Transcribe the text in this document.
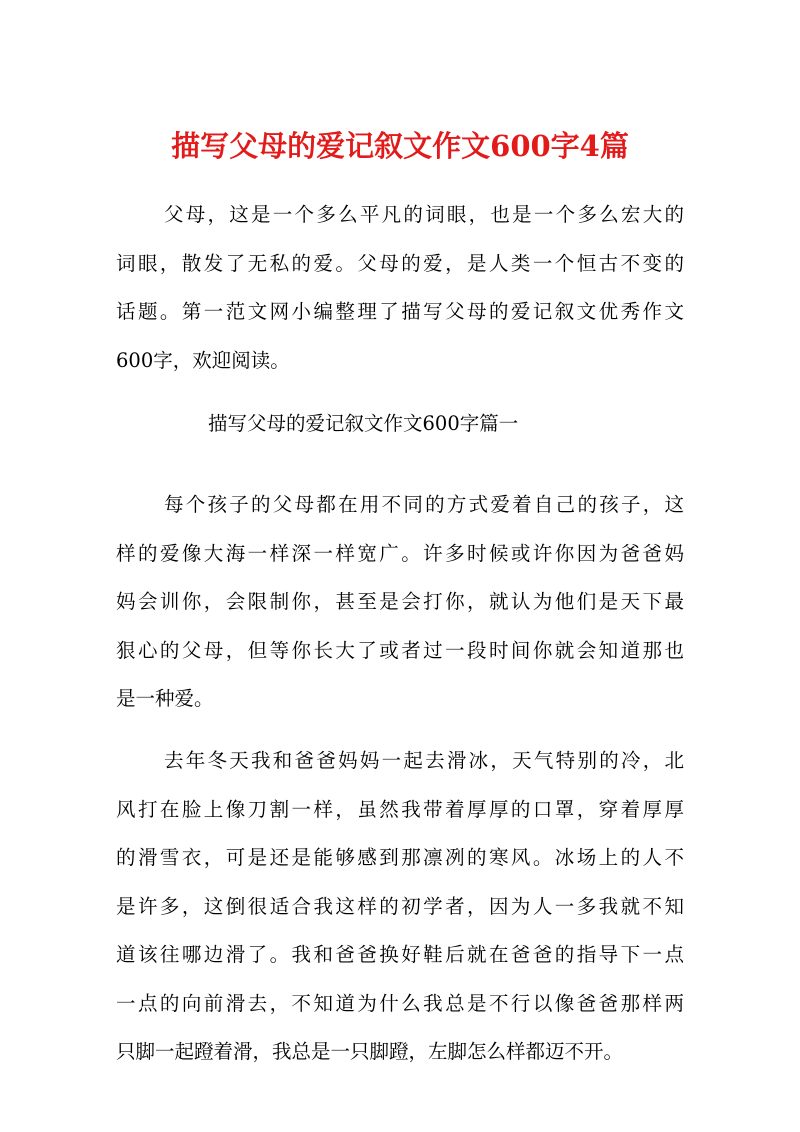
描写父母的爱记叙文作文600字4篇
父母，这是一个多么平凡的词眼，也是一个多么宏大的
词眼，散发了无私的爱。父母的爱，是人类一个恒古不变的
话题。第一范文网小编整理了描写父母的爱记叙文优秀作文
600字，欢迎阅读。
描写父母的爱记叙文作文600字篇一
每个孩子的父母都在用不同的方式爱着自己的孩子，这
样的爱像大海一样深一样宽广。许多时候或许你因为爸爸妈
妈会训你，会限制你，甚至是会打你，就认为他们是天下最
狠心的父母，但等你长大了或者过一段时间你就会知道那也
是一种爱。
去年冬天我和爸爸妈妈一起去滑冰，天气特别的冷，北
风打在脸上像刀割一样，虽然我带着厚厚的口罩，穿着厚厚
的滑雪衣，可是还是能够感到那凛冽的寒风。冰场上的人不
是许多，这倒很适合我这样的初学者，因为人一多我就不知
道该往哪边滑了。我和爸爸换好鞋后就在爸爸的指导下一点
一点的向前滑去，不知道为什么我总是不行以像爸爸那样两
只脚一起蹬着滑，我总是一只脚蹬，左脚怎么样都迈不开。
